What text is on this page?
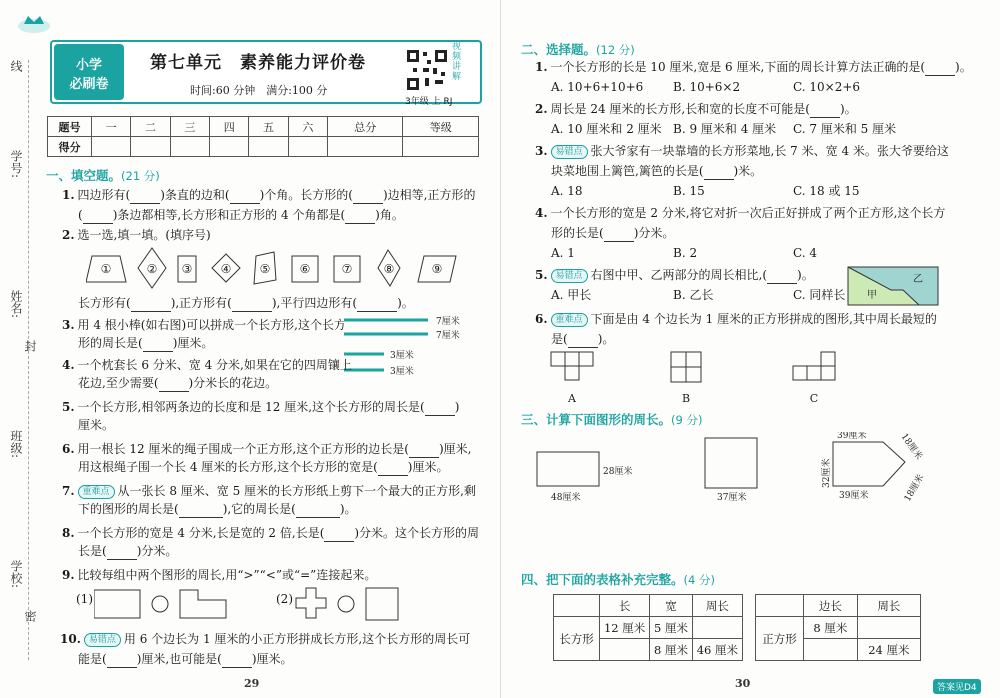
线
学号:
姓名:
封
班级:
学校:
密
小学
必刷卷
第七单元　素养能力评价卷
时间:60 分钟　满分:100 分
视频讲解
3年级 上 RJ
题号	一	二	三	四	五	六	总分	等级
得分								
一、填空题。(21 分)
1. 四边形有(	)条直的边和(	)个角。长方形的(	)边相等,正方形的
(	)条边都相等,长方形和正方形的 4 个角都是(	)角。
2. 选一选,填一填。(填序号)
①	② ③ ④ ⑤ ⑥	⑦	⑧	⑨
长方形有(	),正方形有(	),平行四边形有(	)。
3. 用 4 根小棒(如右图)可以拼成一个长方形,这个长方
形的周长是(	)厘米。
7厘米
7厘米
3厘米
3厘米
4. 一个枕套长 6 分米、宽 4 分米,如果在它的四周镶上
花边,至少需要(	)分米长的花边。
5. 一个长方形,相邻两条边的长度和是 12 厘米,这个长方形的周长是(	)
厘米。
6. 用一根长 12 厘米的绳子围成一个正方形,这个正方形的边长是(	)厘米,
用这根绳子围一个长 4 厘米的长方形,这个长方形的宽是(	)厘米。
7. 重难点 从一张长 8 厘米、宽 5 厘米的长方形纸上剪下一个最大的正方形,剩
下的图形的周长是(	),它的周长是(	)。
8. 一个长方形的宽是 4 分米,长是宽的 2 倍,长是(	)分米。这个长方形的周
长是(	)分米。
9. 比较每组中两个图形的周长,用“>”“<”或“=”连接起来。
(1)	(2)
10. 易错点 用 6 个边长为 1 厘米的小正方形拼成长方形,这个长方形的周长可
能是(	)厘米,也可能是(	)厘米。
29
二、选择题。(12 分)
1. 一个长方形的长是 10 厘米,宽是 6 厘米,下面的周长计算方法正确的是(	)。
A. 10+6+10+6 B. 10+6×2	C. 10×2+6
2. 周长是 24 厘米的长方形,长和宽的长度不可能是(	)。
A. 10 厘米和 2 厘米 B. 9 厘米和 4 厘米 C. 7 厘米和 5 厘米
3. 易错点 张大爷家有一块靠墙的长方形菜地,长 7 米、宽 4 米。张大爷要给这
块菜地围上篱笆,篱笆的长是(	)米。
A. 18	B. 15	C. 18 或 15
4. 一个长方形的宽是 2 分米,将它对折一次后正好拼成了两个正方形,这个长方
形的长是(	)分米。
A. 1	B. 2	C. 4
5. 易错点 右图中甲、乙两部分的周长相比,(	)。
A. 甲长	B. 乙长	C. 同样长 甲
乙
6. 重难点 下面是由 4 个边长为 1 厘米的正方形拼成的图形,其中周长最短的
是(	)。
A	B	C
三、计算下面图形的周长。(9 分)
48厘米
28厘米
37厘米
39厘米
39厘米
32厘米
18厘米
18厘米
四、把下面的表格补充完整。(4 分)
	长	宽	周长
长方形	12 厘米	5 厘米	
		8 厘米	46 厘米
	边长	周长
正方形	8 厘米	
		24 厘米
30	答案见D4
